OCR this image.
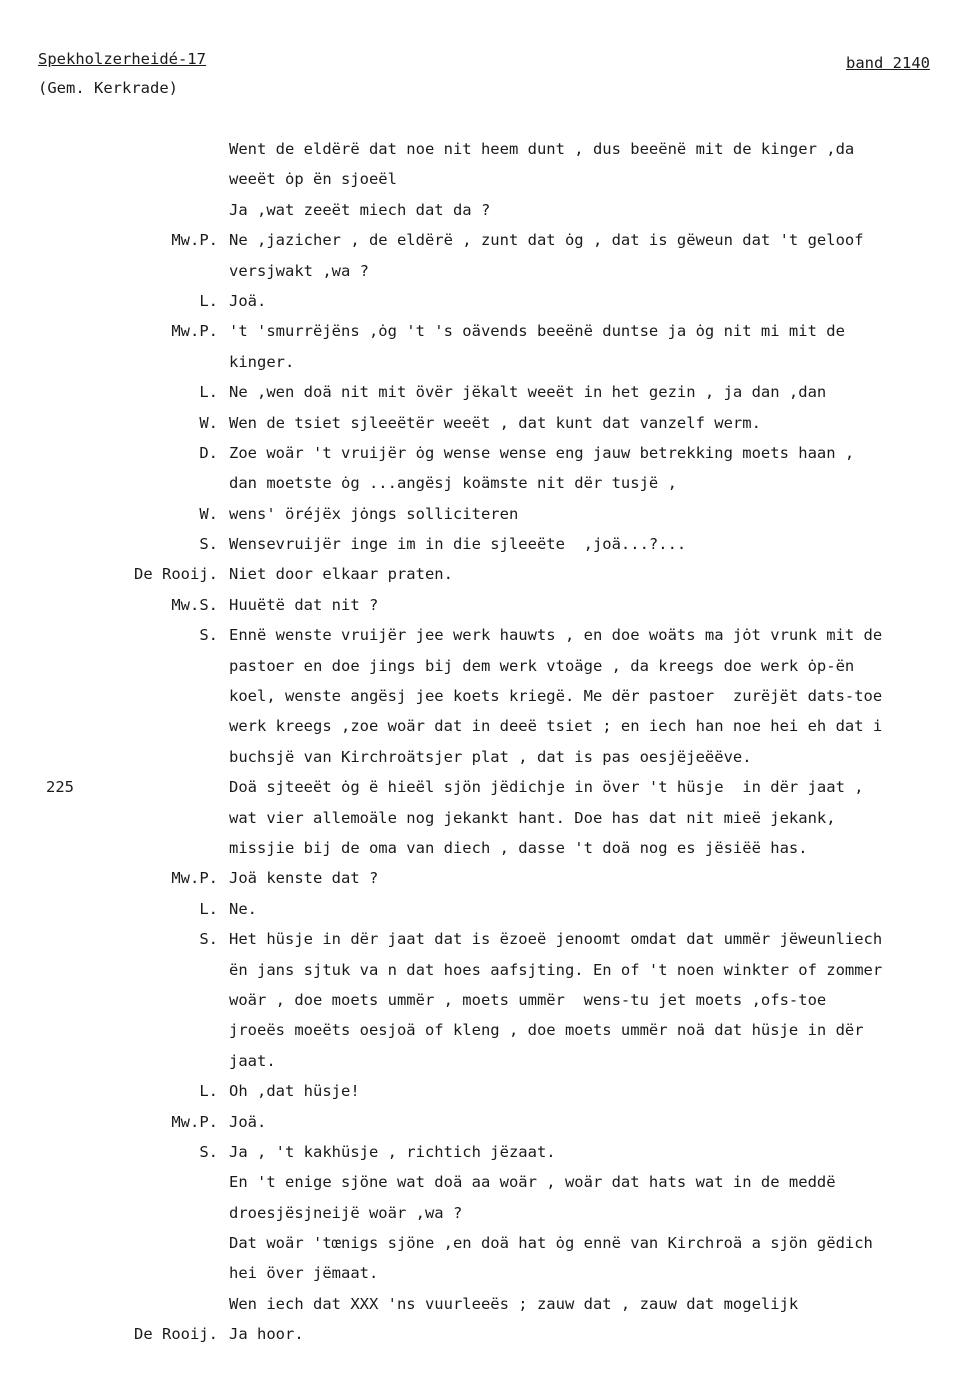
Spekholzerheidé-17
(Gem. Kerkrade)
band 2140
Went de eldërë dat noe nit heem dunt , dus beeënë mit de kinger ,da
weeët ȯp ën sjoeël
Ja ,wat zeeët miech dat da ?
Mw.P. Ne ,jazicher , de eldërë , zunt dat ȯg , dat is gëweun dat 't geloof
versjwakt ,wa ?
L. Joä.
Mw.P. 't 'smurrëjëns ,ȯg 't 's oävends beeënë duntse ja ȯg nit mi mit de
kinger.
L. Ne ,wen doä nit mit övër jëkalt weeët in het gezin , ja dan ,dan
W. Wen de tsiet sjleeëtër weeët , dat kunt dat vanzelf werm.
D. Zoe woär 't vruijër ȯg wense wense eng jauw betrekking moets haan ,
dan moetste ȯg ...angësj koämste nit dër tusjë ,
W. wens' öréjëx jȯngs solliciteren
S. Wensevruijër inge im in die sjleeëte  ,joä...?...
De Rooij. Niet door elkaar praten.
Mw.S. Huuëtë dat nit ?
S. Ennë wenste vruijër jee werk hauwts , en doe woäts ma jȯt vrunk mit de
pastoer en doe jings bij dem werk vtoäge , da kreegs doe werk ȯp-ën
koel, wenste angësj jee koets kriegë. Me dër pastoer  zurëjët dats-toe
werk kreegs ,zoe woär dat in deeë tsiet ; en iech han noe hei eh dat i
buchsjë van Kirchroätsjer plat , dat is pas oesjëjeëëve.
225	Doä sjteeët ȯg ë hieël sjön jëdichje in över 't hüsje  in dër jaat ,
wat vier allemoäle nog jekankt hant. Doe has dat nit mieë jekank,
missjie bij de oma van diech , dasse 't doä nog es jësiëë has.
Mw.P. Joä kenste dat ?
L. Ne.
S. Het hüsje in dër jaat dat is ëzoeë jenoomt omdat dat ummër jëweunliech
ën jans sjtuk va n dat hoes aafsjting. En of 't noen winkter of zommer
woär , doe moets ummër , moets ummër  wens-tu jet moets ,ofs-toe
jroeës moeëts oesjoä of kleng , doe moets ummër noä dat hüsje in dër
jaat.
L. Oh ,dat hüsje!
Mw.P. Joä.
S. Ja , 't kakhüsje , richtich jëzaat.
En 't enige sjöne wat doä aa woär , woär dat hats wat in de meddë
droesjësjneijë woär ,wa ?
Dat woär 'tœnigs sjöne ,en doä hat ȯg ennë van Kirchroä a sjön gëdich
hei över jëmaat.
Wen iech dat XXX 'ns vuurleeës ; zauw dat , zauw dat mogelijk
De Rooij. Ja hoor.
